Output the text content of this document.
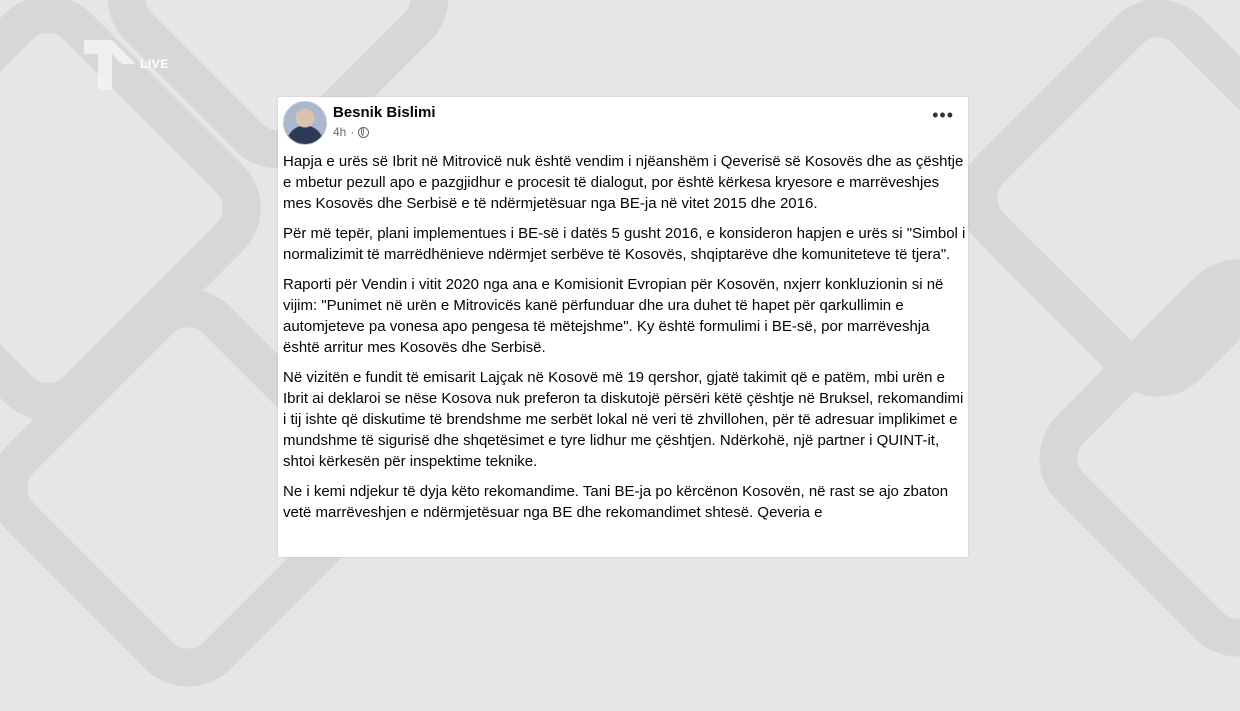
LIVE
Besnik Bislimi
4h ·
•••

Hapja e urës së Ibrit në Mitrovicë nuk është vendim i njëanshëm i Qeverisë së Kosovës dhe as çështje e mbetur pezull apo e pazgjidhur e procesit të dialogut, por është kërkesa kryesore e marrëveshjes mes Kosovës dhe Serbisë e të ndërmjetësuar nga BE-ja në vitet 2015 dhe 2016.

Për më tepër, plani implementues i BE-së i datës 5 gusht 2016, e konsideron hapjen e urës si "Simbol i normalizimit të marrëdhënieve ndërmjet serbëve të Kosovës, shqiptarëve dhe komuniteteve të tjera".

Raporti për Vendin i vitit 2020 nga ana e Komisionit Evropian për Kosovën, nxjerr konkluzionin si në vijim: "Punimet në urën e Mitrovicës kanë përfunduar dhe ura duhet të hapet për qarkullimin e automjeteve pa vonesa apo pengesa të mëtejshme". Ky është formulimi i BE-së, por marrëveshja është arritur mes Kosovës dhe Serbisë.

Në vizitën e fundit të emisarit Lajçak në Kosovë më 19 qershor, gjatë takimit që e patëm, mbi urën e Ibrit ai deklaroi se nëse Kosova nuk preferon ta diskutojë përsëri këtë çështje në Bruksel, rekomandimi i tij ishte që diskutime të brendshme me serbët lokal në veri të zhvillohen, për të adresuar implikimet e mundshme të sigurisë dhe shqetësimet e tyre lidhur me çështjen. Ndërkohë, një partner i QUINT-it, shtoi kërkesën për inspektime teknike.

Ne i kemi ndjekur të dyja këto rekomandime. Tani BE-ja po kërcënon Kosovën, në rast se ajo zbaton vetë marrëveshjen e ndërmjetësuar nga BE dhe rekomandimet shtesë. Qeveria e
